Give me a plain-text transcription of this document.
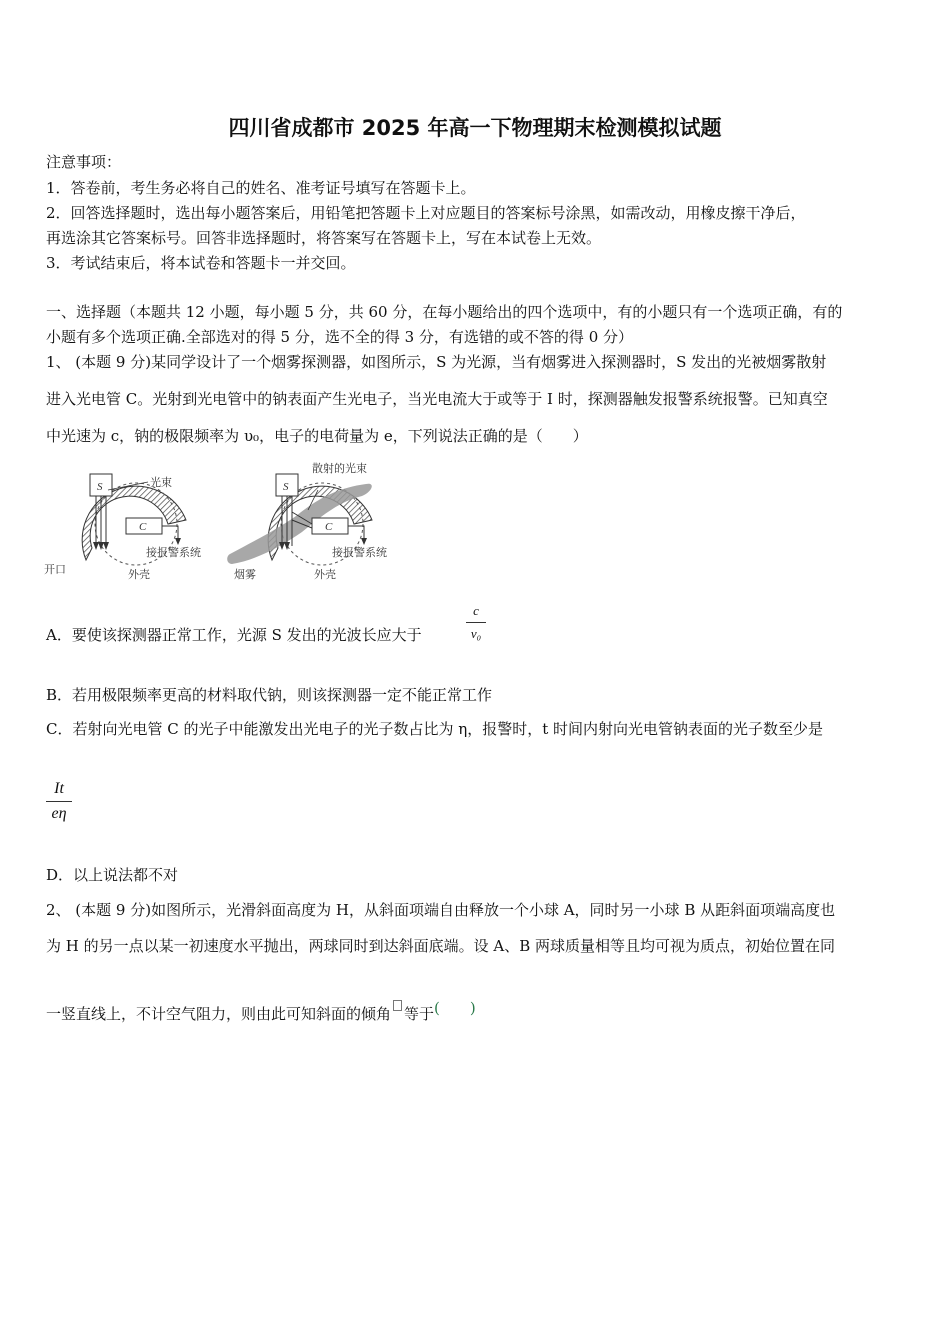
四川省成都市 2025 年高一下物理期末检测模拟试题
注意事项：
1．答卷前，考生务必将自己的姓名、准考证号填写在答题卡上。
2．回答选择题时，选出每小题答案后，用铅笔把答题卡上对应题目的答案标号涂黑，如需改动，用橡皮擦干净后，
再选涂其它答案标号。回答非选择题时，将答案写在答题卡上，写在本试卷上无效。
3．考试结束后，将本试卷和答题卡一并交回。
一、选择题（本题共 12 小题，每小题 5 分，共 60 分，在每小题给出的四个选项中，有的小题只有一个选项正确，有的
小题有多个选项正确.全部选对的得 5 分，选不全的得 3 分，有选错的或不答的得 0 分）
1、 (本题 9 分)某同学设计了一个烟雾探测器，如图所示，S 为光源，当有烟雾进入探测器时，S 发出的光被烟雾散射
进入光电管 C。光射到光电管中的钠表面产生光电子，当光电流大于或等于 I 时，探测器触发报警系统报警。已知真空
中光速为 c，钠的极限频率为 υ₀，电子的电荷量为 e，下列说法正确的是（　　）
S	光束
C
接报警系统
开口	外壳
S
散射的光束
C
接报警系统
烟雾	外壳
A．要使该探测器正常工作，光源 S 发出的光波长应大于
c
v₀
B．若用极限频率更高的材料取代钠，则该探测器一定不能正常工作
C．若射向光电管 C 的光子中能激发出光电子的光子数占比为 η，报警时，t 时间内射向光电管钠表面的光子数至少是
It
eη
D．以上说法都不对
2、 (本题 9 分)如图所示，光滑斜面高度为 H，从斜面项端自由释放一个小球 A，同时另一小球 B 从距斜面项端高度也
为 H 的另一点以某一初速度水平抛出，两球同时到达斜面底端。设 A、B 两球质量相等且均可视为质点，初始位置在同
一竖直线上，不计空气阻力，则由此可知斜面的倾角 等于(　　)
